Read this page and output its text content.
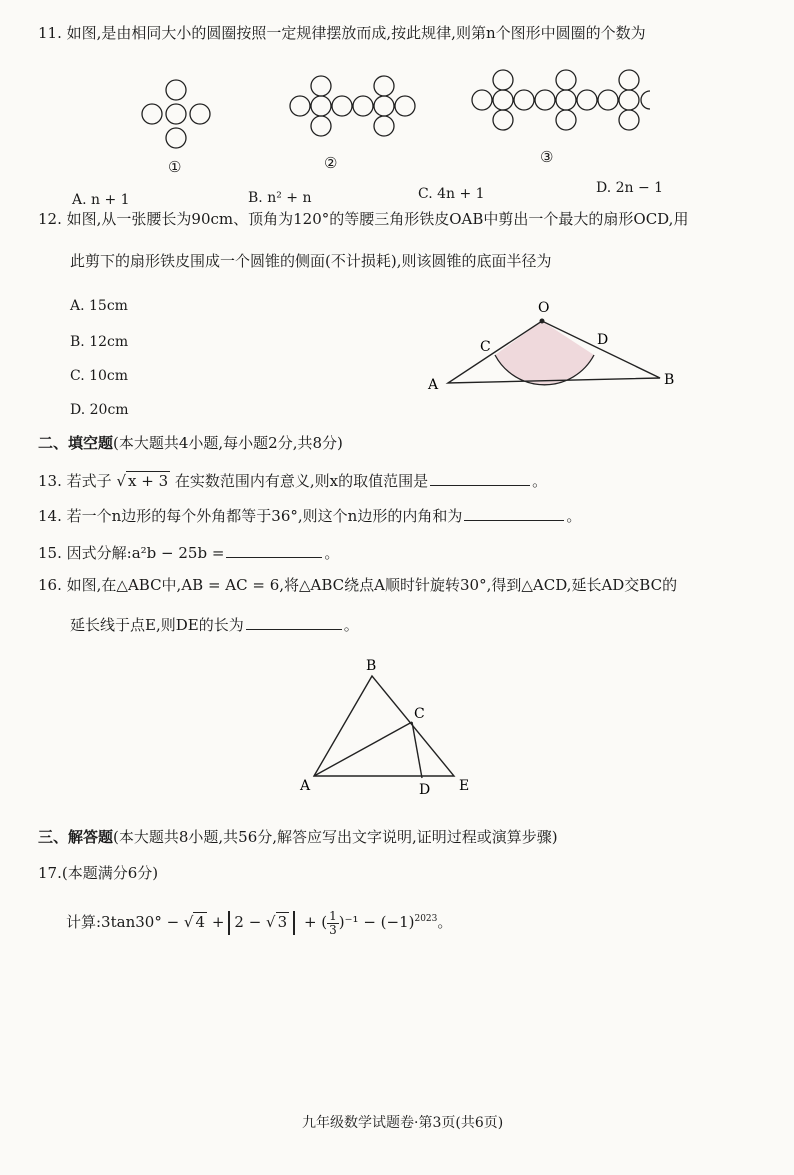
11. 如图,是由相同大小的圆圈按照一定规律摆放而成,按此规律,则第n个图形中圆圈的个数为
①	②	③
A. n + 1	B. n² + n	C. 4n + 1	D. 2n − 1
12. 如图,从一张腰长为90cm、顶角为120°的等腰三角形铁皮OAB中剪出一个最大的扇形OCD,用
此剪下的扇形铁皮围成一个圆锥的侧面(不计损耗),则该圆锥的底面半径为
A. 15cm
B. 12cm
C. 10cm
D. 20cm
O
C	D
A	B
二、填空题(本大题共4小题,每小题2分,共8分)
13. 若式子 √ x + 3 在实数范围内有意义,则x的取值范围是	。
14. 若一个n边形的每个外角都等于36°,则这个n边形的内角和为	。
15. 因式分解:a²b − 25b =	。
16. 如图,在△ABC中,AB = AC = 6,将△ABC绕点A顺时针旋转30°,得到△ACD,延长AD交BC的
延长线于点E,则DE的长为	。
B
C
A	D E
三、解答题(本大题共8小题,共56分,解答应写出文字说明,证明过程或演算步骤)
17.(本题满分6分)
计算:3tan30° − √ 4 + 2 − √ 3 + ( $\frac{1}{3} )^{-1} - (-1)^{2023}$。
九年级数学试题卷·第3页(共6页)
